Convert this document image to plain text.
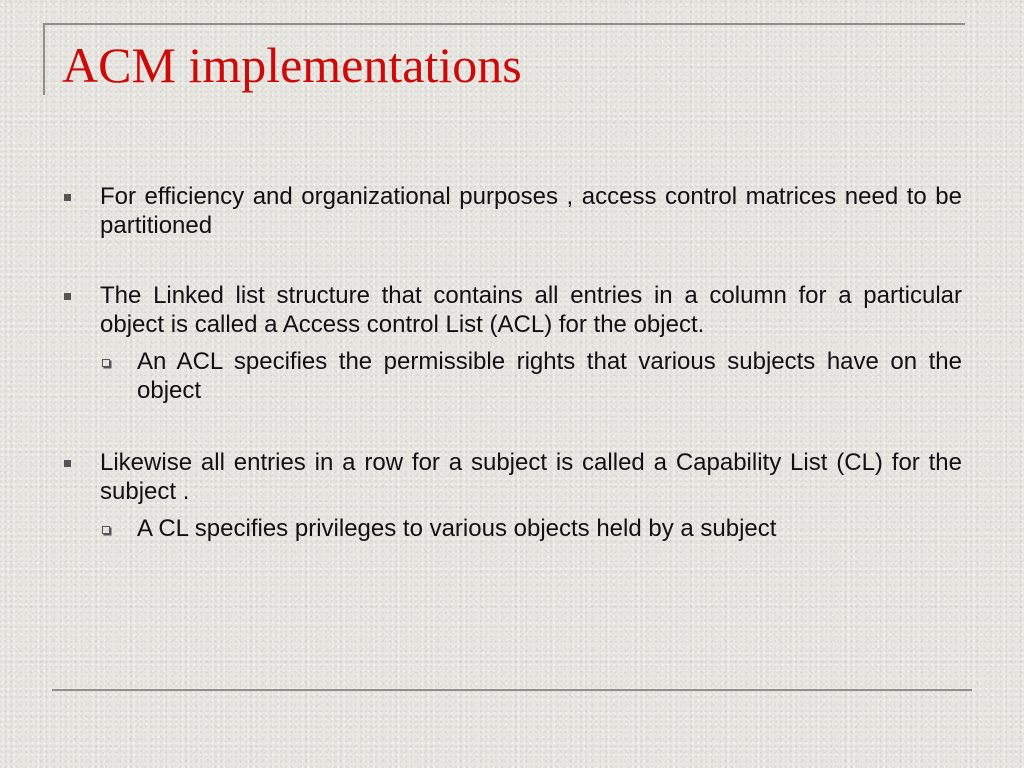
ACM implementations
For efficiency and organizational purposes , access control matrices need to be partitioned
The Linked list structure that contains all entries in a column for a particular object is called a Access control List (ACL) for the object.
An ACL specifies the permissible rights that various subjects have on the object
Likewise all entries in a row for a subject is called a Capability List (CL) for the subject .
A CL specifies privileges to various objects held by a subject
